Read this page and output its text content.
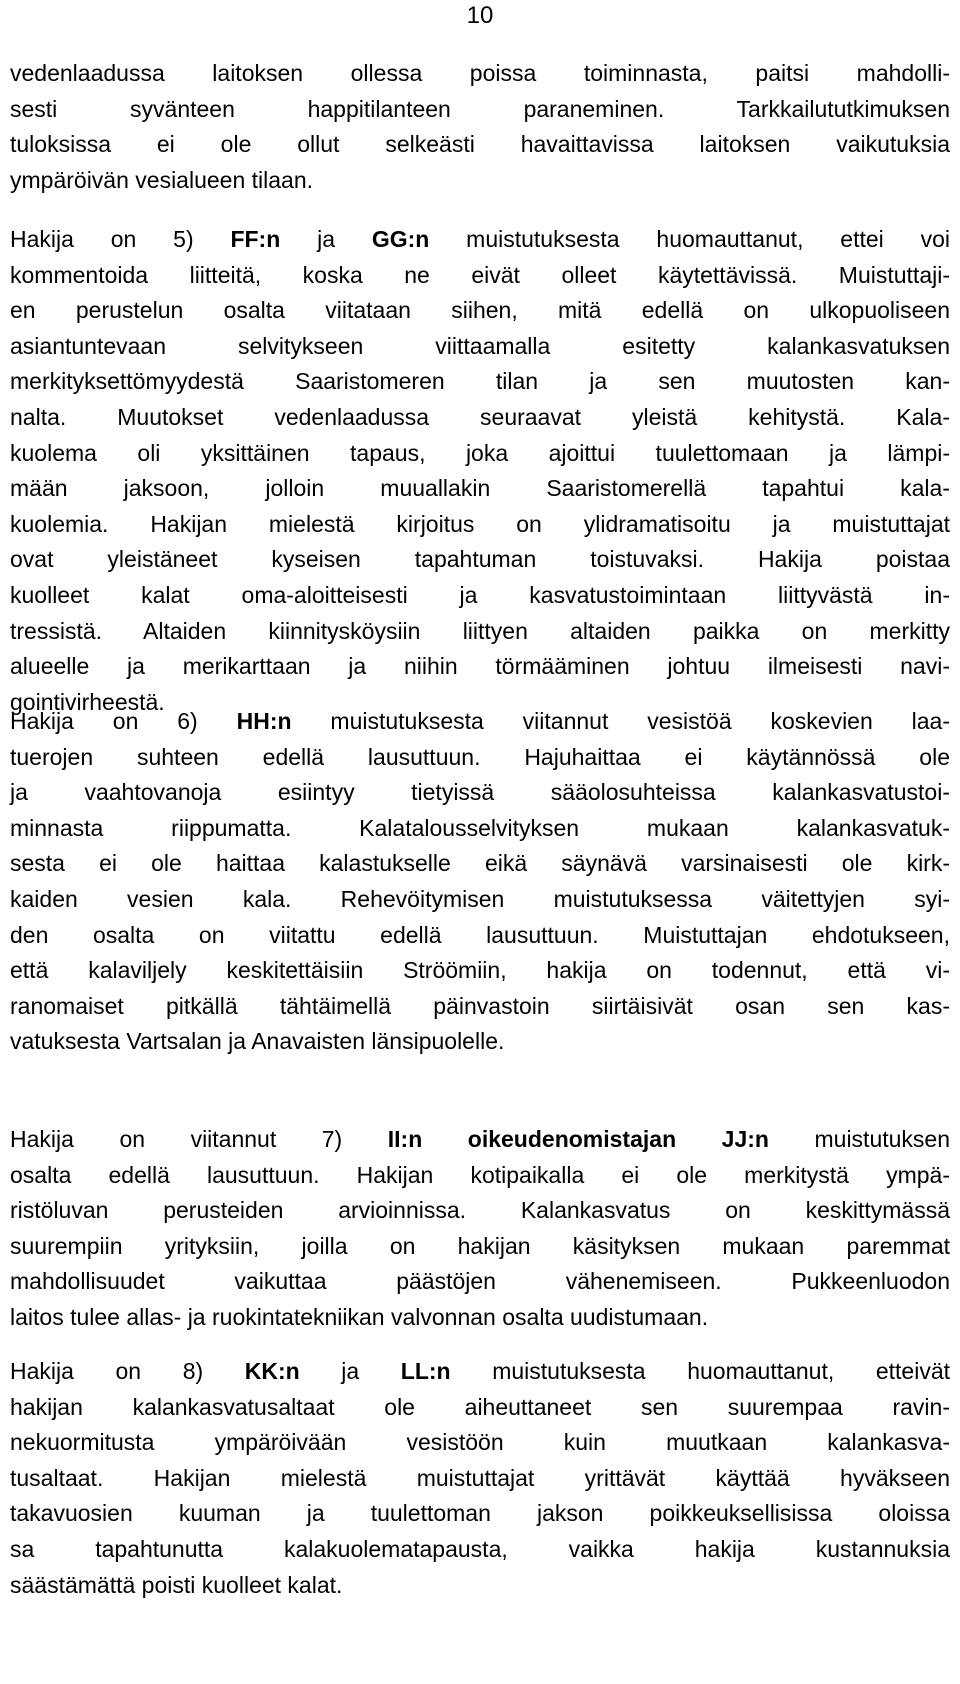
10
vedenlaadussa laitoksen ollessa poissa toiminnasta, paitsi mahdolli-
sesti syvänteen happitilanteen paraneminen. Tarkkailututkimuksen
tuloksissa ei ole ollut selkeästi havaittavissa laitoksen vaikutuksia
ympäröivän vesialueen tilaan.
Hakija on 5) FF:n ja GG:n muistutuksesta huomauttanut, ettei voi
kommentoida liitteitä, koska ne eivät olleet käytettävissä. Muistuttaji-
en perustelun osalta viitataan siihen, mitä edellä on ulkopuoliseen
asiantuntevaan selvitykseen viittaamalla esitetty kalankasvatuksen
merkityksettömyydestä Saaristomeren tilan ja sen muutosten kan-
nalta. Muutokset vedenlaadussa seuraavat yleistä kehitystä. Kala-
kuolema oli yksittäinen tapaus, joka ajoittui tuulettomaan ja lämpi-
mään jaksoon, jolloin muuallakin Saaristomerellä tapahtui kala-
kuolemia. Hakijan mielestä kirjoitus on ylidramatisoitu ja muistuttajat
ovat yleistäneet kyseisen tapahtuman toistuvaksi. Hakija poistaa
kuolleet kalat oma-aloitteisesti ja kasvatustoimintaan liittyvästä in-
tressistä. Altaiden kiinnitysköysiin liittyen altaiden paikka on merkitty
alueelle ja merikarttaan ja niihin törmääminen johtuu ilmeisesti navi-
gointivirheestä.
Hakija on 6) HH:n muistutuksesta viitannut vesistöä koskevien laa-
tuerojen suhteen edellä lausuttuun. Hajuhaittaa ei käytännössä ole
ja vaahtovanoja esiintyy tietyissä sääolosuhteissa kalankasvatustoi-
minnasta riippumatta. Kalatalousselvityksen mukaan kalankasvatuk-
sesta ei ole haittaa kalastukselle eikä säynävä varsinaisesti ole kirk-
kaiden vesien kala. Rehevöitymisen muistutuksessa väitettyjen syi-
den osalta on viitattu edellä lausuttuun. Muistuttajan ehdotukseen,
että kalaviljely keskitettäisiin Ströömiin, hakija on todennut, että vi-
ranomaiset pitkällä tähtäimellä päinvastoin siirtäisivät osan sen kas-
vatuksesta Vartsalan ja Anavaisten länsipuolelle.
Hakija on viitannut 7) II:n oikeudenomistajan JJ:n muistutuksen
osalta edellä lausuttuun. Hakijan kotipaikalla ei ole merkitystä ympä-
ristöluvan perusteiden arvioinnissa. Kalankasvatus on keskittymässä
suurempiin yrityksiin, joilla on hakijan käsityksen mukaan paremmat
mahdollisuudet vaikuttaa päästöjen vähenemiseen. Pukkeenluodon
laitos tulee allas- ja ruokintatekniikan valvonnan osalta uudistumaan.
Hakija on 8) KK:n ja LL:n muistutuksesta huomauttanut, etteivät
hakijan kalankasvatusaltaat ole aiheuttaneet sen suurempaa ravin-
nekuormitusta ympäröivään vesistöön kuin muutkaan kalankasva-
tusaltaat. Hakijan mielestä muistuttajat yrittävät käyttää hyväkseen
takavuosien kuuman ja tuulettoman jakson poikkeuksellisissa oloissa
sa tapahtunutta kalakuolematapausta, vaikka hakija kustannuksia
säästämättä poisti kuolleet kalat.
